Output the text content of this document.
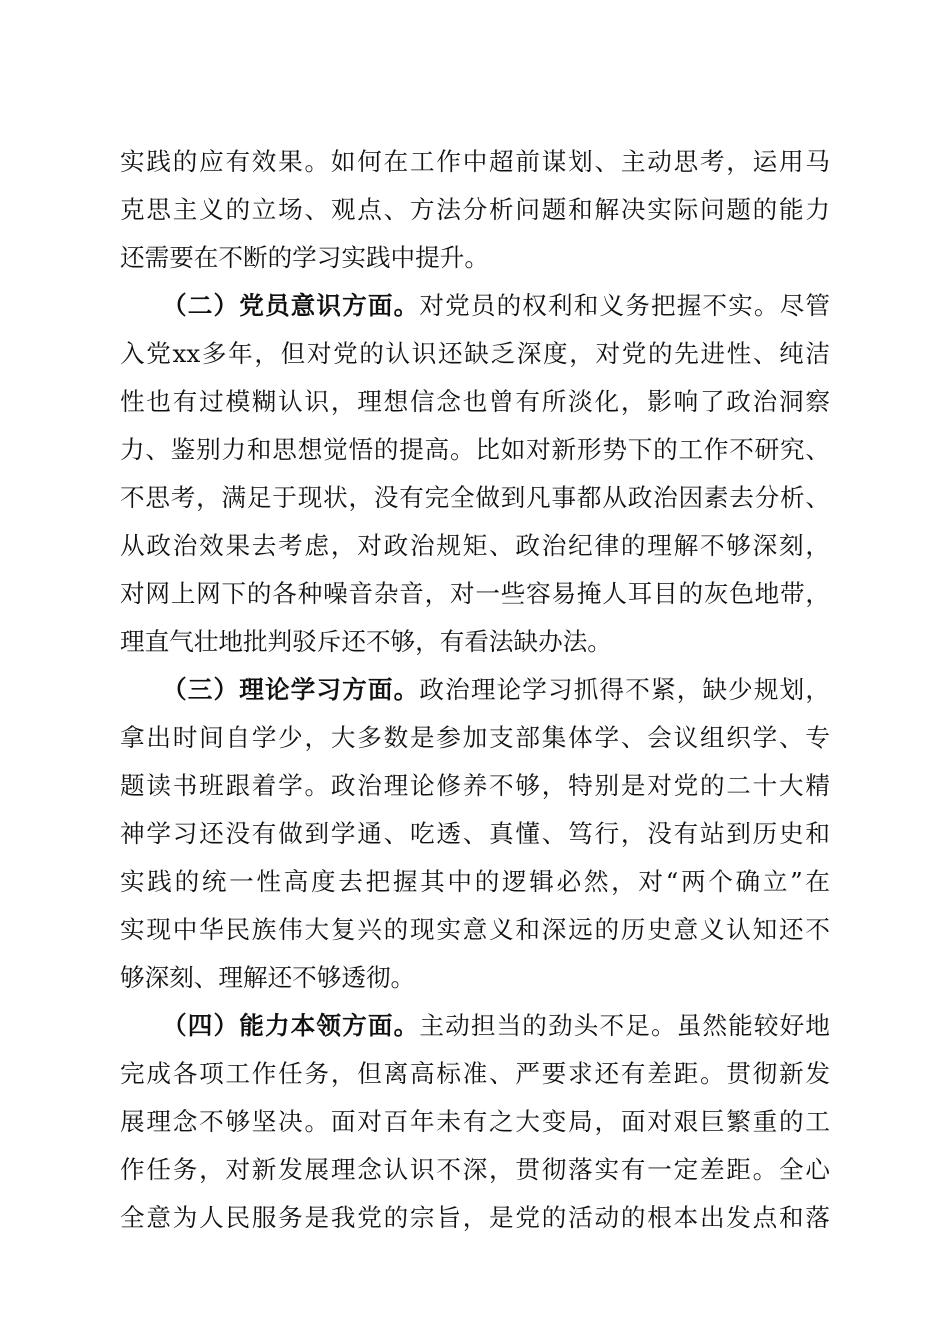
实践的应有效果。如何在工作中超前谋划、主动思考，运用马
克思主义的立场、观点、方法分析问题和解决实际问题的能力
还需要在不断的学习实践中提升。
（二）党员意识方面。对党员的权利和义务把握不实。尽管
入党xx多年，但对党的认识还缺乏深度，对党的先进性、纯洁
性也有过模糊认识，理想信念也曾有所淡化，影响了政治洞察
力、鉴别力和思想觉悟的提高。比如对新形势下的工作不研究、
不思考，满足于现状，没有完全做到凡事都从政治因素去分析、
从政治效果去考虑，对政治规矩、政治纪律的理解不够深刻，
对网上网下的各种噪音杂音，对一些容易掩人耳目的灰色地带，
理直气壮地批判驳斥还不够，有看法缺办法。
（三）理论学习方面。政治理论学习抓得不紧，缺少规划，
拿出时间自学少，大多数是参加支部集体学、会议组织学、专
题读书班跟着学。政治理论修养不够，特别是对党的二十大精
神学习还没有做到学通、吃透、真懂、笃行，没有站到历史和
实践的统一性高度去把握其中的逻辑必然，对“两个确立”在
实现中华民族伟大复兴的现实意义和深远的历史意义认知还不
够深刻、理解还不够透彻。
（四）能力本领方面。主动担当的劲头不足。虽然能较好地
完成各项工作任务，但离高标准、严要求还有差距。贯彻新发
展理念不够坚决。面对百年未有之大变局，面对艰巨繁重的工
作任务，对新发展理念认识不深，贯彻落实有一定差距。全心
全意为人民服务是我党的宗旨，是党的活动的根本出发点和落
